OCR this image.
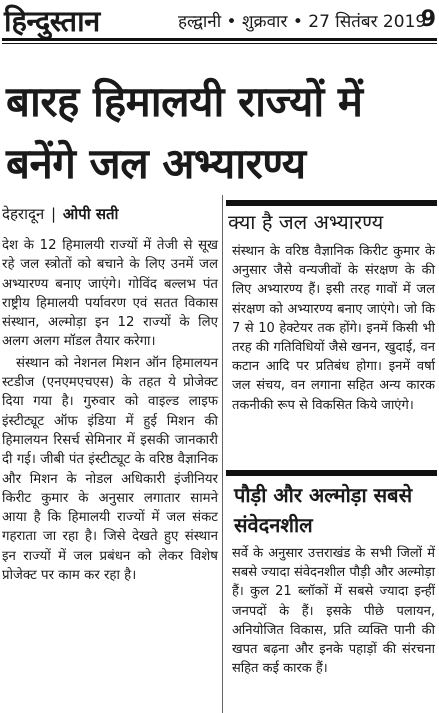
हिन्दुस्तान	हल्द्वानी • शुक्रवार • 27 सितंबर 2019
9
बारह हिमालयी राज्यों में
बनेंगे जल अभ्यारण्य
देहरादून | ओपी सती

देश के 12 हिमालयी राज्यों में तेजी से सूख रहे जल स्त्रोतों को बचाने के लिए उनमें जल अभ्यारण्य बनाए जाएंगे। गोविंद बल्लभ पंत राष्ट्रीय हिमालयी पर्यावरण एवं सतत विकास संस्थान, अल्मोड़ा इन 12 राज्यों के लिए अलग अलग मॉडल तैयार करेगा।

संस्थान को नेशनल मिशन ऑन हिमालयन स्टडीज (एनएमएचएस) के तहत ये प्रोजेक्ट दिया गया है। गुरुवार को वाइल्ड लाइफ इंस्टीट्यूट ऑफ इंडिया में हुई मिशन की हिमालयन रिसर्च सेमिनार में इसकी जानकारी दी गई। जीबी पंत इंस्टीट्यूट के वरिष्ठ वैज्ञानिक और मिशन के नोडल अधिकारी इंजीनियर किरीट कुमार के अनुसार लगातार सामने आया है कि हिमालयी राज्यों में जल संकट गहराता जा रहा है। जिसे देखते हुए संस्थान इन राज्यों में जल प्रबंधन को लेकर विशेष प्रोजेक्ट पर काम कर रहा है।

क्या है जल अभ्यारण्य
संस्थान के वरिष्ठ वैज्ञानिक किरीट कुमार के अनुसार जैसे वन्यजीवों के संरक्षण के की लिए अभ्यारण्य हैं। इसी तरह गावों में जल संरक्षण को अभ्यारण्य बनाए जाएंगे। जो कि 7 से 10 हेक्टेयर तक होंगे। इनमें किसी भी तरह की गतिविधियों जैसे खनन, खुदाई, वन कटान आदि पर प्रतिबंध होगा। इनमें वर्षा जल संचय, वन लगाना सहित अन्य कारक तकनीकी रूप से विकसित किये जाएंगे।
पौड़ी और अल्मोड़ा सबसे
संवेदनशील
सर्वे के अनुसार उत्तराखंड के सभी जिलों में सबसे ज्यादा संवेदनशील पौड़ी और अल्मोड़ा हैं। कुल 21 ब्लॉकों में सबसे ज्यादा इन्हीं जनपदों के हैं। इसके पीछे पलायन, अनियोजित विकास, प्रति व्यक्ति पानी की खपत बढ़ना और इनके पहाड़ों की संरचना सहित कई कारक हैं।
